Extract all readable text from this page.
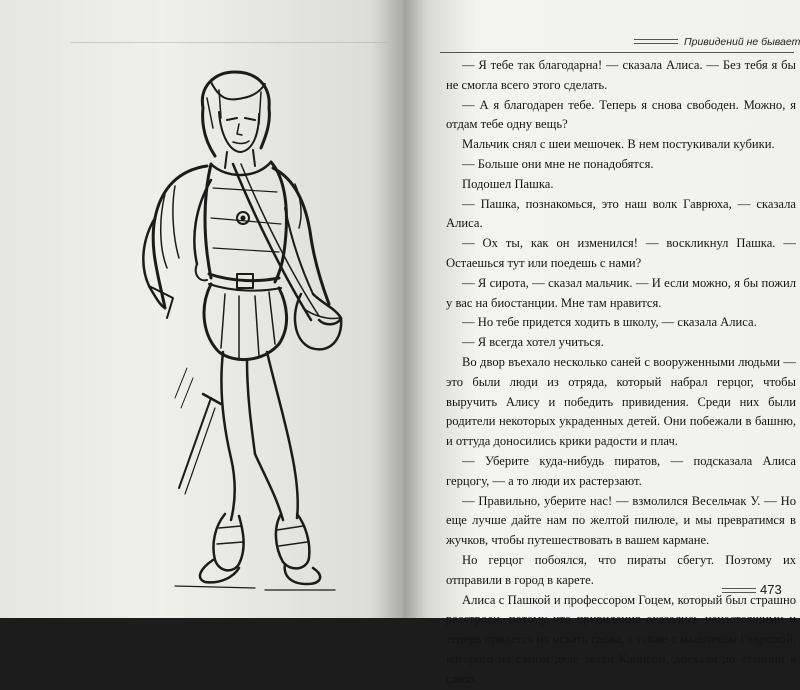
Привидений не бывает

— Я тебе так благодарна! — сказала Алиса. — Без тебя я бы не смогла всего этого сделать.

— А я благодарен тебе. Теперь я снова свободен. Можно, я отдам тебе одну вещь?

Мальчик снял с шеи мешочек. В нем постукивали кубики.

— Больше они мне не понадобятся.

Подошел Пашка.

— Пашка, познакомься, это наш волк Гаврюха, — сказала Алиса.

— Ох ты, как он изменился! — воскликнул Пашка. — Остаешься тут или поедешь с нами?

— Я сирота, — сказал мальчик. — И если можно, я бы пожил у вас на биостанции. Мне там нравится.

— Но тебе придется ходить в школу, — сказала Алиса.

— Я всегда хотел учиться.

Во двор въехало несколько саней с вооруженными людьми — это были люди из отряда, который набрал герцог, чтобы выручить Алису и победить привидения. Среди них были родители некоторых украденных детей. Они побежали в башню, и оттуда доносились крики радости и плач.

— Уберите куда-нибудь пиратов, — подсказала Алиса герцогу, — а то люди их растерзают.

— Правильно, уберите нас! — взмолился Весельчак У. — Но еще лучше дайте нам по желтой пилюле, и мы превратимся в жучков, чтобы путешествовать в вашем кармане.

Но герцог побоялся, что пираты сбегут. Поэтому их отправили в город в карете.

Алиса с Пашкой и профессором Гоцем, который был страшно расстроен, потому что привидения оказались ненастоящими и теперь придется их искать снова, а также с мальчиком Гаврюхой, которого на самом деле звали Каписом, доехали до станции в санях.

473
